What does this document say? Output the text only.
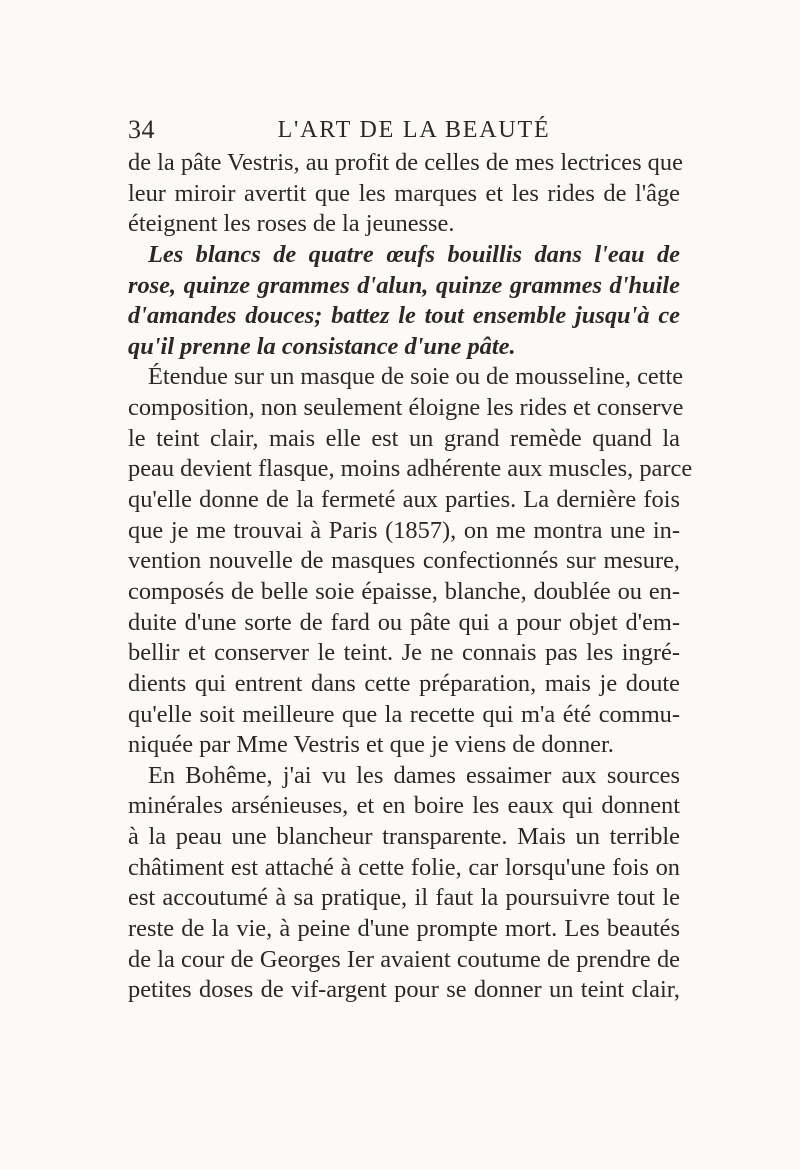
34	L'ART DE LA BEAUTÉ
de la pâte Vestris, au profit de celles de mes lectrices que
leur miroir avertit que les marques et les rides de l'âge
éteignent les roses de la jeunesse.
Les blancs de quatre œufs bouillis dans l'eau de
rose, quinze grammes d'alun, quinze grammes d'huile
d'amandes douces; battez le tout ensemble jusqu'à ce
qu'il prenne la consistance d'une pâte.
Étendue sur un masque de soie ou de mousseline, cette
composition, non seulement éloigne les rides et conserve
le teint clair, mais elle est un grand remède quand la
peau devient flasque, moins adhérente aux muscles, parce
qu'elle donne de la fermeté aux parties. La dernière fois
que je me trouvai à Paris (1857), on me montra une in-
vention nouvelle de masques confectionnés sur mesure,
composés de belle soie épaisse, blanche, doublée ou en-
duite d'une sorte de fard ou pâte qui a pour objet d'em-
bellir et conserver le teint. Je ne connais pas les ingré-
dients qui entrent dans cette préparation, mais je doute
qu'elle soit meilleure que la recette qui m'a été commu-
niquée par Mme Vestris et que je viens de donner.
En Bohême, j'ai vu les dames essaimer aux sources
minérales arsénieuses, et en boire les eaux qui donnent
à la peau une blancheur transparente. Mais un terrible
châtiment est attaché à cette folie, car lorsqu'une fois on
est accoutumé à sa pratique, il faut la poursuivre tout le
reste de la vie, à peine d'une prompte mort. Les beautés
de la cour de Georges Ier avaient coutume de prendre de
petites doses de vif-argent pour se donner un teint clair,
